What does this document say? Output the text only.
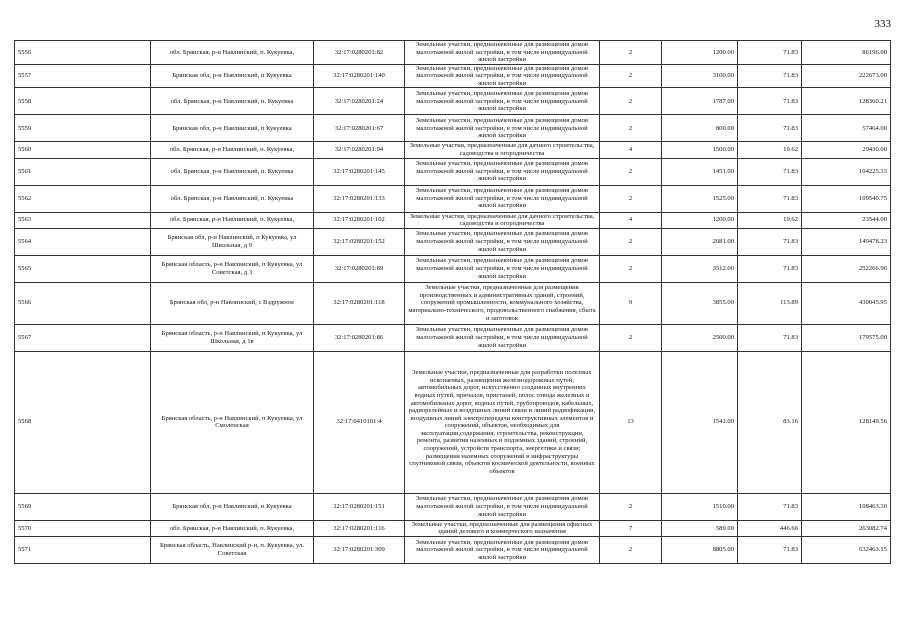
333
5556	обл. Брянская, р-н Навлинский, п. Кукуевка,	32:17:0280201:82	Земельные участки, предназначенные для размещения домов малоэтажной жилой застройки, в том числе индивидуальной жилой застройки	2	1200.00	71.83	86196.00
5557	Брянская обл, р-н Навлинский, п Кукуевка	32:17:0280201:140	Земельные участки, предназначенные для размещения домов малоэтажной жилой застройки, в том числе индивидуальной жилой застройки	2	3100.00	71.83	222673.00
5558	обл. Брянская, р-н Навлинский, п. Кукуевка	32:17:0280201:24	Земельные участки, предназначенные для размещения домов малоэтажной жилой застройки, в том числе индивидуальной жилой застройки	2	1787.00	71.83	128360.21
5559	Брянская обл, р-н Навлинский, п Кукуевка	32:17:0280201:67	Земельные участки, предназначенные для размещения домов малоэтажной жилой застройки, в том числе индивидуальной жилой застройки	2	800.00	71.83	57464.00
5560	обл. Брянская, р-н Навлинский, п. Кукуевка,	32:17:0280201:94	Земельные участки, предназначенные для дачного строительства, садоводства и огородничества	4	1500.00	19.62	29430.00
5561	обл. Брянская, р-н Навлинский, п. Кукуевка	32:17:0280201:145	Земельные участки, предназначенные для размещения домов малоэтажной жилой застройки, в том числе индивидуальной жилой застройки	2	1451.00	71.83	104225.33
5562	обл. Брянская, р-н Навлинский, п. Кукуевка	32:17:0280201:133	Земельные участки, предназначенные для размещения домов малоэтажной жилой застройки, в том числе индивидуальной жилой застройки	2	1525.00	71.83	109540.75
5563	обл. Брянская, р-н Навлинский, п. Кукуевка,	32:17:0280201:102	Земельные участки, предназначенные для дачного строительства, садоводства и огородничества	4	1200.00	19.62	23544.00
5564	Брянская обл, р-н Навлинский, п Кукуевка, ул Школьная, д 9	32:17:0280201:152	Земельные участки, предназначенные для размещения домов малоэтажной жилой застройки, в том числе индивидуальной жилой застройки	2	2081.00	71.83	149478.23
5565	Брянская область, р-н Навлинский, п Кукуевка, ул Советская, д 3	32:17:0280201:89	Земельные участки, предназначенные для размещения домов малоэтажной жилой застройки, в том числе индивидуальной жилой застройки	2	3512.00	71.83	252266.96
5566	Брянская обл, р-н Навлинский, с Вздружное	32:17:0280201:118	Земельные участки, предназначенные для размещения производственных и административных зданий, строений, сооружений промышленности, коммунального хозяйства, материально-технического, продовольственного снабжения, сбыта и заготовок	9	3855.00	113.89	439045.95
5567	Брянская область, р-н Навлинский, п Кукуевка, ул Школьная, д 1в	32:17:0280201:86	Земельные участки, предназначенные для размещения домов малоэтажной жилой застройки, в том числе индивидуальной жилой застройки	2	2500.00	71.83	179575.00
5568	Брянская область, р-н Навлинский, п Кукуевка, ул Смоленская	32:17:0410101:4	Земельные участки, предназначенные для разработки полезных ископаемых, размещения железнодорожных путей, автомобильных дорог, искусственно созданных внутренних водных путей, причалов, пристаней, полос отвода железных и автомобильных дорог, водных путей, трубопроводов, кабельных, радиорелейных и воздушных линий связи и линий радиофикации, воздушных линий электропередачи конструктивных элементов и сооружений, объектов, необходимых для эксплуатации,содержания, строительства, реконструкции, ремонта, развития наземных и подземных зданий, строений, сооружений, устройств транспорта, энергетики и связи; размещения наземных сооружений и инфраструктуры спутниковой связи, объектов космической деятельности, военных объектов	13	1541.00	83.16	128149.56
5569	Брянская обл, р-н Навлинский, п Кукуевка	32:17:0280201:151	Земельные участки, предназначенные для размещения домов малоэтажной жилой застройки, в том числе индивидуальной жилой застройки	2	1510.00	71.83	108463.30
5570	обл. Брянская, р-н Навлинский, п. Кукуевка,	32:17:0280201:116	Земельные участки, предназначенные для размещения офисных зданий делового и коммерческого назначения	7	589.00	446.66	263082.74
5571	Брянская область, Навлинский р-н, п. Кукуевка, ул. Советская	32:17:0280201:309	Земельные участки, предназначенные для размещения домов малоэтажной жилой застройки, в том числе индивидуальной жилой застройки	2	8805.00	71.83	632463.15
